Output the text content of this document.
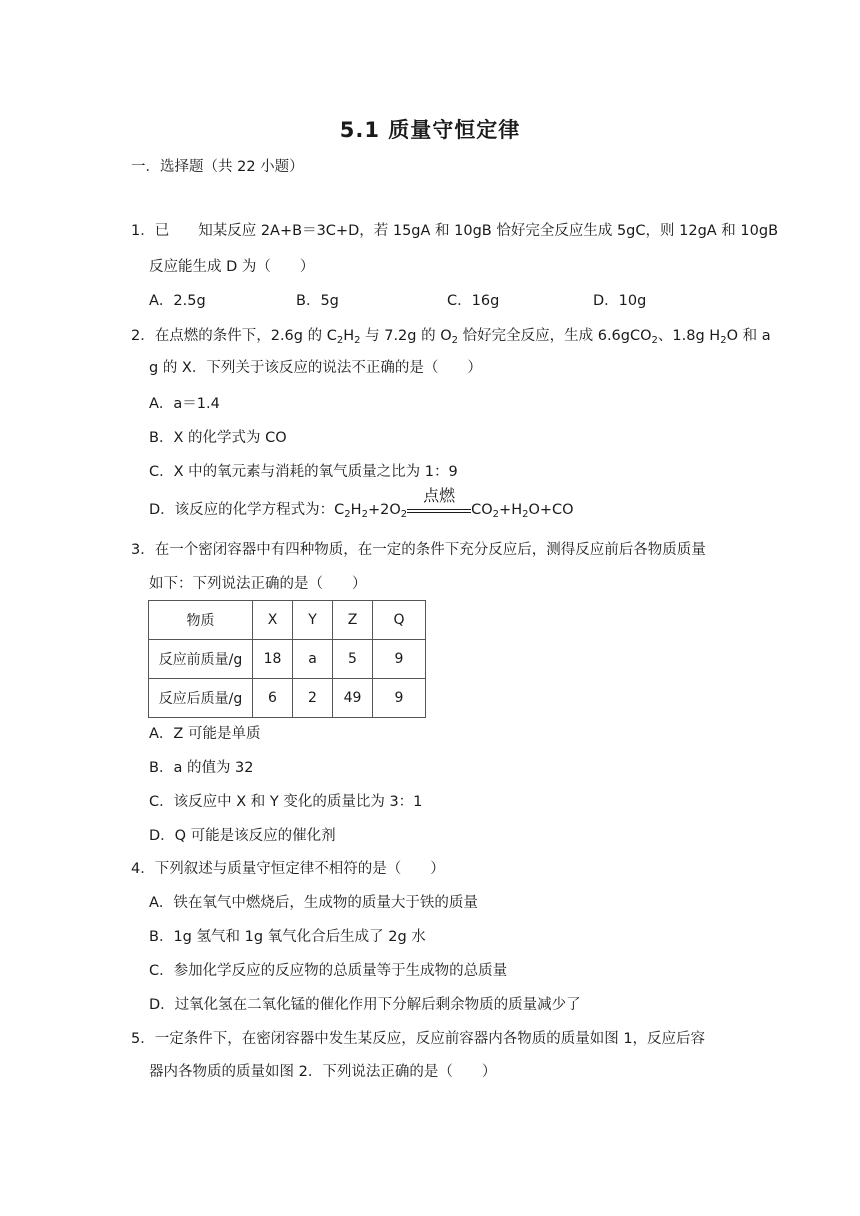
5.1 质量守恒定律
一．选择题（共 22 小题）
1．已　　知某反应 2A+B＝3C+D，若 15gA 和 10gB 恰好完全反应生成 5gC，则 12gA 和 10gB
反应能生成 D 为（　　）
A．2.5g	B．5g	C．16g	D．10g
2．在点燃的条件下，2.6g 的 $C_2H_2$ 与 7.2g 的 $O_2$ 恰好完全反应，生成 6.6gCO$_2$、1.8g $H_2O$ 和 a
g 的 X．下列关于该反应的说法不正确的是（　　）
A．a＝1.4
B．X 的化学式为 CO
C．X 中的氧元素与消耗的氧气质量之比为 1：9
D．该反应的化学方程式为：$C_2H_2+2O_2$
点燃
$CO_2+H_2O+CO$
3．在一个密闭容器中有四种物质，在一定的条件下充分反应后，测得反应前后各物质质量
如下：下列说法正确的是（　　）
物质	X	Y	Z	Q
反应前质量/g	18	a	5	9
反应后质量/g	6	2	49	9
A．Z 可能是单质
B．a 的值为 32
C．该反应中 X 和 Y 变化的质量比为 3：1
D．Q 可能是该反应的催化剂
4．下列叙述与质量守恒定律不相符的是（　　）
A．铁在氧气中燃烧后，生成物的质量大于铁的质量
B．1g 氢气和 1g 氧气化合后生成了 2g 水
C．参加化学反应的反应物的总质量等于生成物的总质量
D．过氧化氢在二氧化锰的催化作用下分解后剩余物质的质量减少了
5．一定条件下，在密闭容器中发生某反应，反应前容器内各物质的质量如图 1，反应后容
器内各物质的质量如图 2．下列说法正确的是（　　）
